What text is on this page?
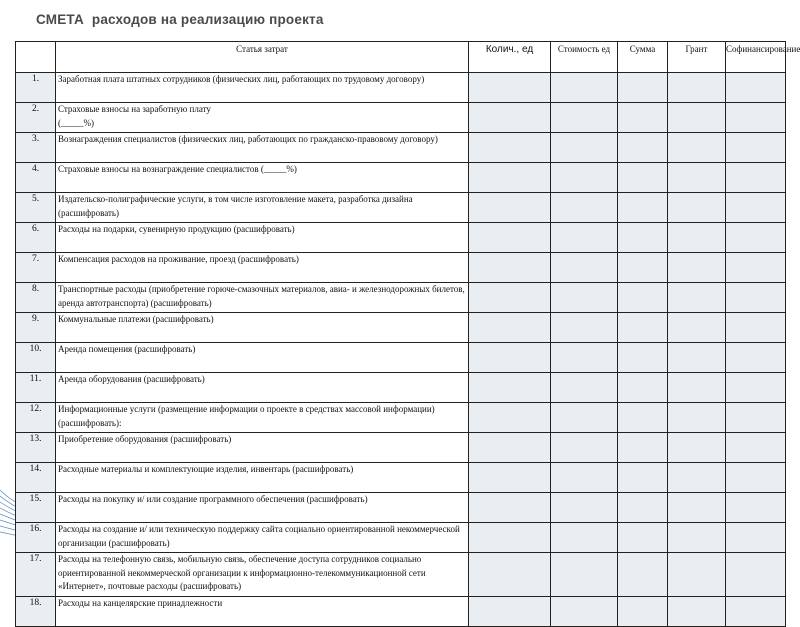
СМЕТА  расходов на реализацию проекта
	Статья затрат	Колич., ед	Стоимость ед	Сумма	Грант	Софинансирование
1.	Заработная плата штатных сотрудников (физических лиц, работающих по трудовому договору)					
2.	Страховые взносы на заработную плату
(_____%)					
3.	Вознаграждения специалистов (физических лиц, работающих по гражданско-правовому договору)					
4.	Страховые взносы на вознаграждение специалистов (_____%)					
5.	Издательско-полиграфические услуги, в том числе изготовление макета, разработка дизайна (расшифровать)					
6.	Расходы на подарки, сувенирную продукцию (расшифровать)					
7.	Компенсация расходов на проживание, проезд (расшифровать)					
8.	Транспортные расходы (приобретение горюче-смазочных материалов, авиа- и железнодорожных билетов, аренда автотранспорта) (расшифровать)					
9.	Коммунальные платежи (расшифровать)					
10.	Аренда помещения (расшифровать)					
11.	Аренда оборудования (расшифровать)					
12.	Информационные услуги (размещение информации о проекте в средствах массовой информации) (расшифровать):					
13.	Приобретение оборудования (расшифровать)					
14.	Расходные материалы и комплектующие изделия, инвентарь (расшифровать)					
15.	Расходы на покупку и/ или создание программного обеспечения (расшифровать)					
16.	Расходы на создание и/ или техническую поддержку сайта социально ориентированной некоммерческой организации (расшифровать)					
17.	Расходы на телефонную связь, мобильную связь, обеспечение доступа сотрудников социально ориентированной некоммерческой организации к информационно-телекоммуникационной сети «Интернет», почтовые расходы (расшифровать)					
18.	Расходы на канцелярские принадлежности					
